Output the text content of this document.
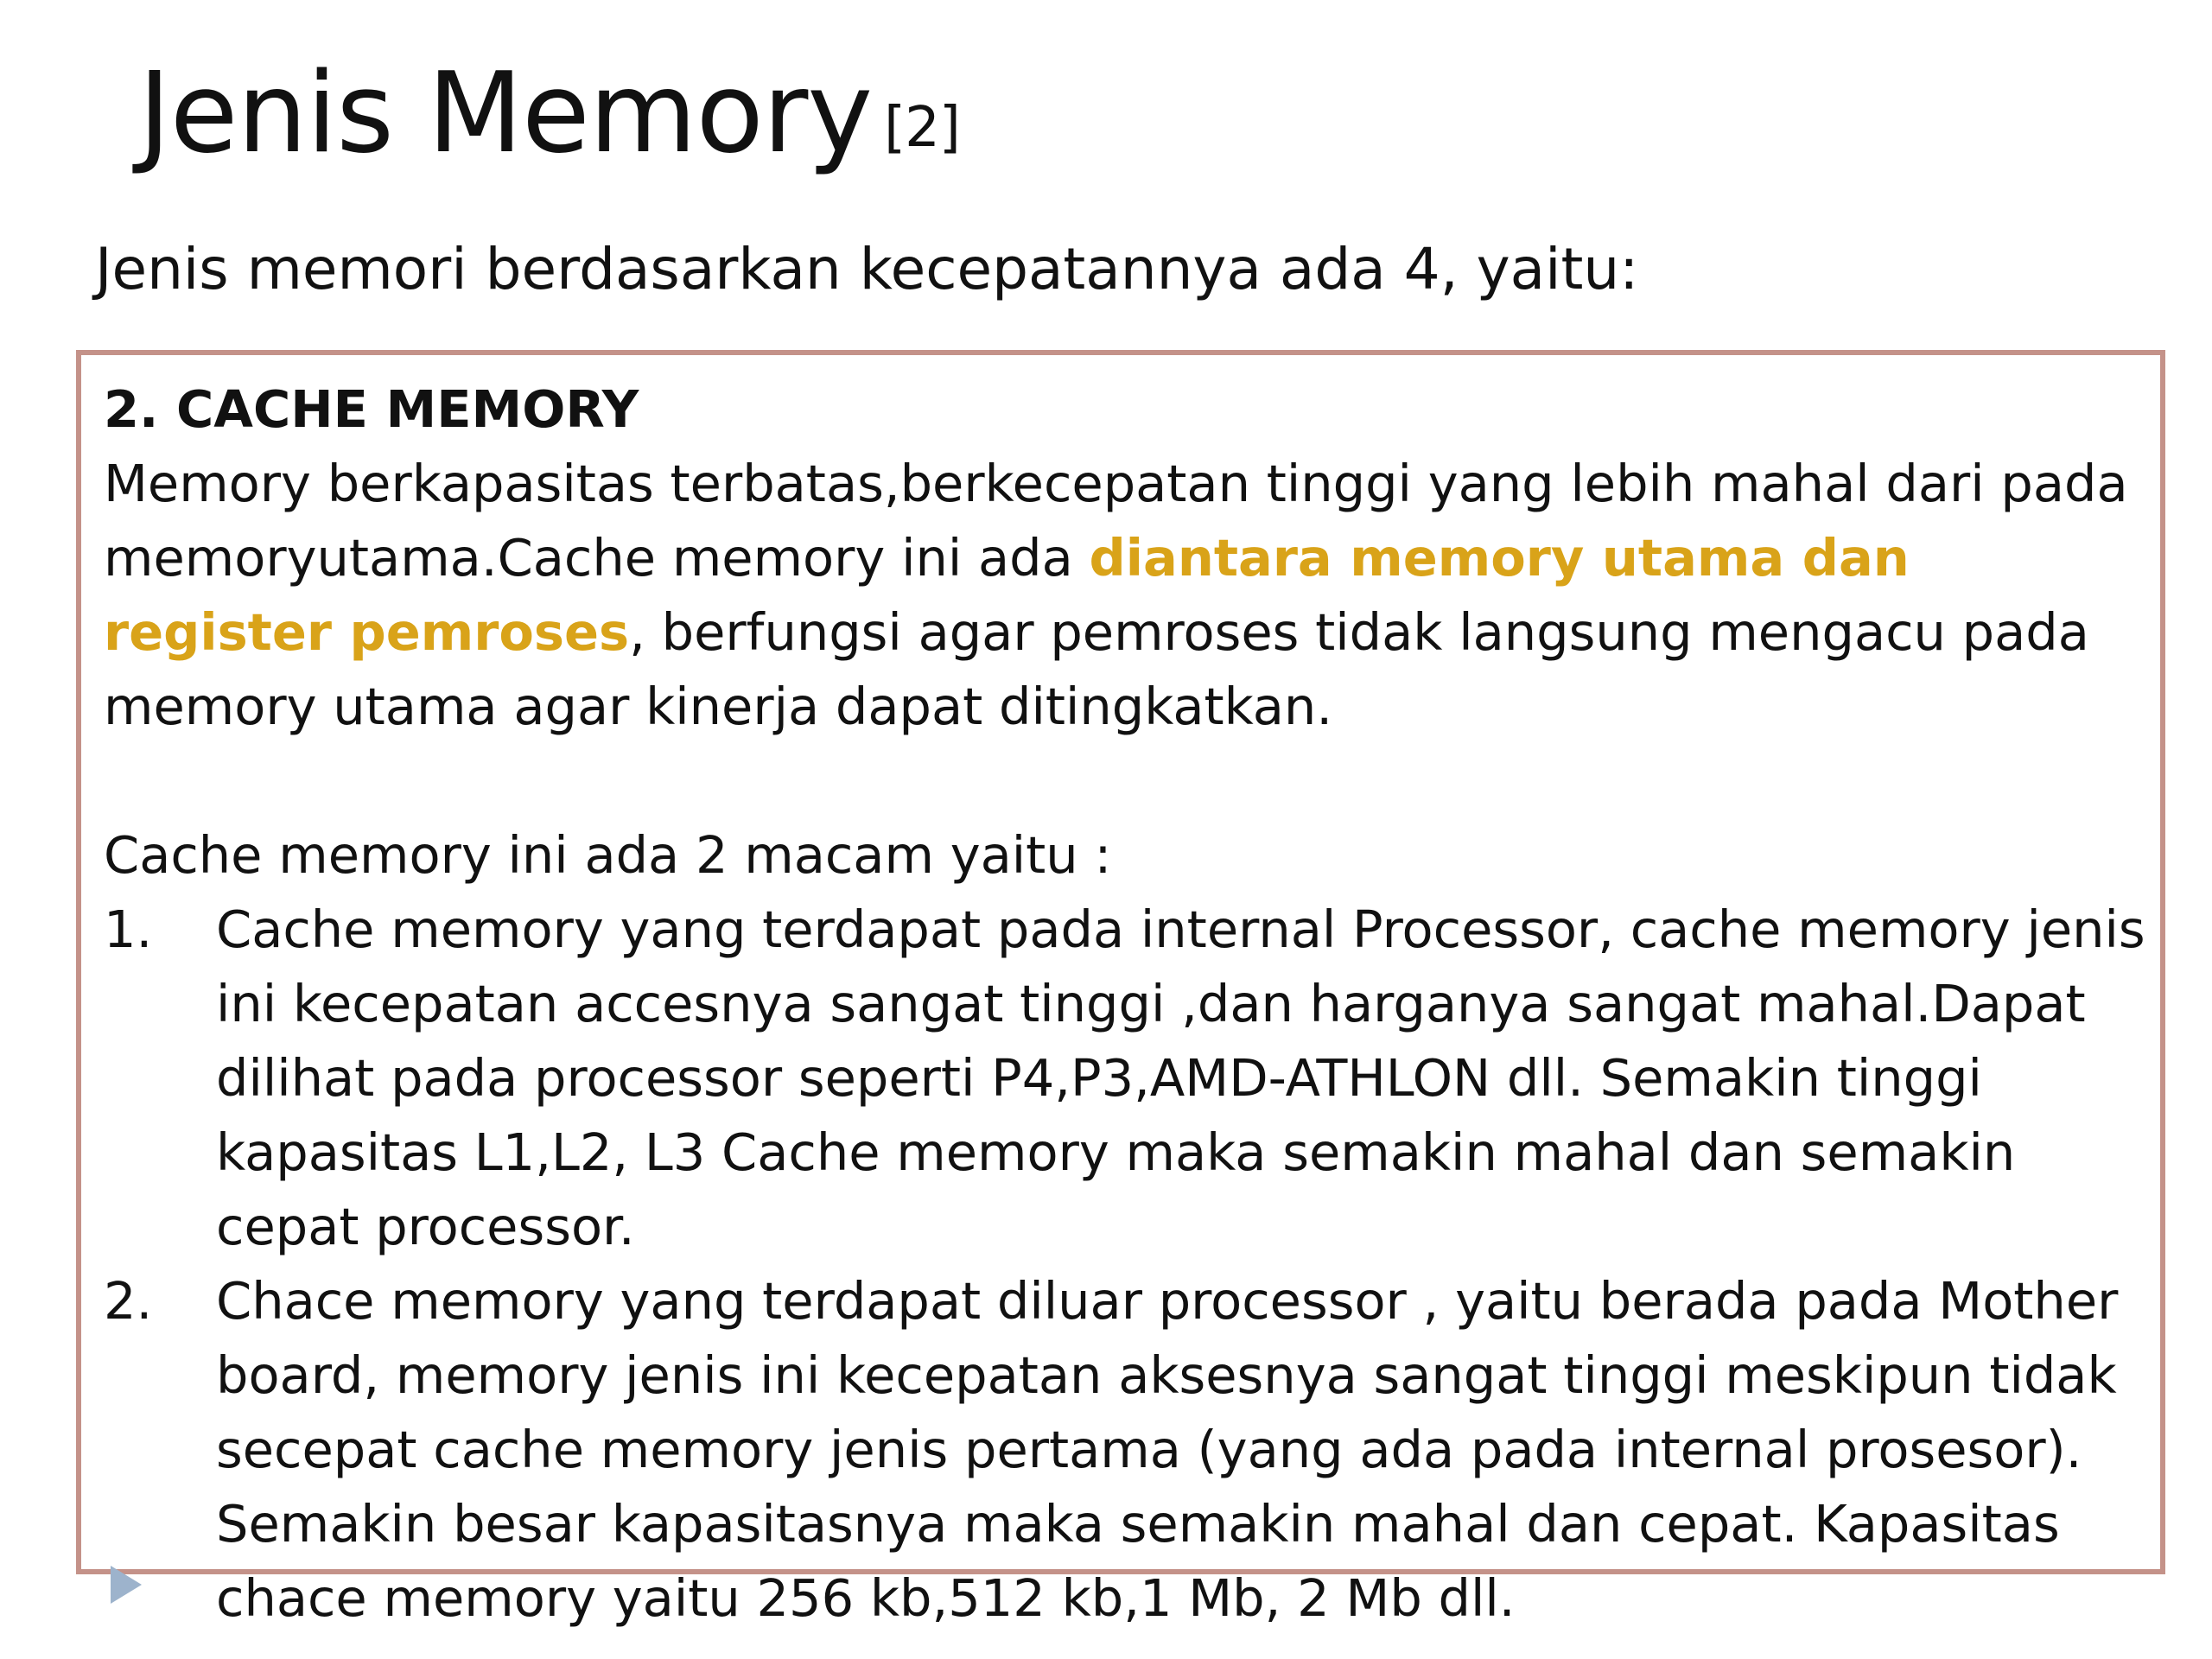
Jenis Memory [2]

Jenis memori berdasarkan kecepatannya ada 4, yaitu:

2. CACHE MEMORY

Memory berkapasitas terbatas,berkecepatan tinggi yang lebih mahal dari pada memoryutama.Cache memory ini ada diantara memory utama dan register pemroses, berfungsi agar pemroses tidak langsung mengacu pada memory utama agar kinerja dapat ditingkatkan.

Cache memory ini ada 2 macam yaitu :

1. Cache memory yang terdapat pada internal Processor, cache memory jenis ini kecepatan accesnya sangat tinggi ,dan harganya sangat mahal.Dapat dilihat pada processor seperti P4,P3,AMD-ATHLON dll. Semakin tinggi kapasitas L1,L2, L3 Cache memory maka semakin mahal dan semakin cepat processor.
2. Chace memory yang terdapat diluar processor , yaitu berada pada Mother board, memory jenis ini kecepatan aksesnya sangat tinggi meskipun tidak secepat cache memory jenis pertama (yang ada pada internal prosesor). Semakin besar kapasitasnya maka semakin mahal dan cepat. Kapasitas chace memory yaitu 256 kb,512 kb,1 Mb, 2 Mb dll.
